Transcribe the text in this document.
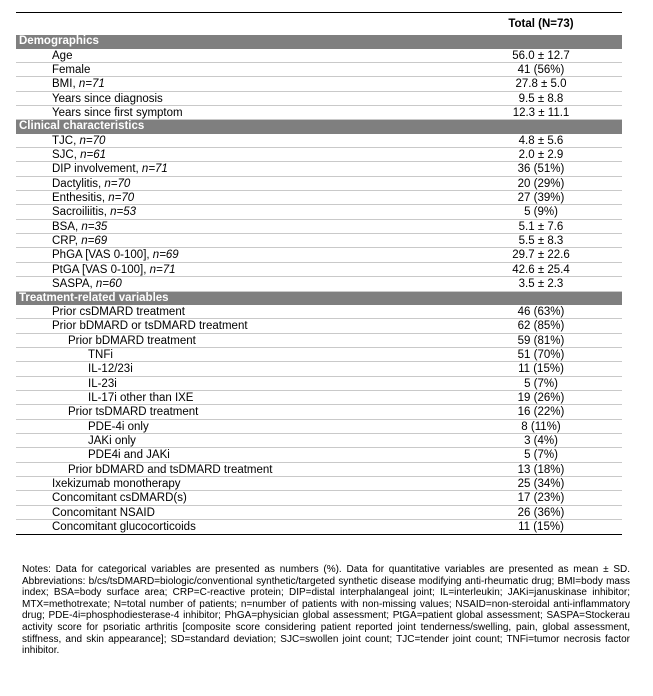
Total (N=73)
Demographics
Age	56.0 ± 12.7
Female	41 (56%)
BMI, n=71	27.8 ± 5.0
Years since diagnosis	9.5 ± 8.8
Years since first symptom	12.3 ± 11.1
Clinical characteristics
TJC, n=70	4.8 ± 5.6
SJC, n=61	2.0 ± 2.9
DIP involvement, n=71	36 (51%)
Dactylitis, n=70	20 (29%)
Enthesitis, n=70	27 (39%)
Sacroiliitis, n=53	5 (9%)
BSA, n=35	5.1 ± 7.6
CRP, n=69	5.5 ± 8.3
PhGA [VAS 0-100], n=69	29.7 ± 22.6
PtGA [VAS 0-100], n=71	42.6 ± 25.4
SASPA, n=60	3.5 ± 2.3
Treatment-related variables
Prior csDMARD treatment	46 (63%)
Prior bDMARD or tsDMARD treatment	62 (85%)
Prior bDMARD treatment	59 (81%)
TNFi	51 (70%)
IL-12/23i	11 (15%)
IL-23i	5 (7%)
IL-17i other than IXE	19 (26%)
Prior tsDMARD treatment	16 (22%)
PDE-4i only	8 (11%)
JAKi only	3 (4%)
PDE4i and JAKi	5 (7%)
Prior bDMARD and tsDMARD treatment	13 (18%)
Ixekizumab monotherapy	25 (34%)
Concomitant csDMARD(s)	17 (23%)
Concomitant NSAID	26 (36%)
Concomitant glucocorticoids	11 (15%)
Notes: Data for categorical variables are presented as numbers (%). Data for quantitative variables are presented as mean ± SD. Abbreviations: b/cs/tsDMARD=biologic/conventional synthetic/targeted synthetic disease modifying anti-rheumatic drug; BMI=body mass index; BSA=body surface area; CRP=C-reactive protein; DIP=distal interphalangeal joint; IL=interleukin; JAKi=januskinase inhibitor; MTX=methotrexate; N=total number of patients; n=number of patients with non-missing values; NSAID=non-steroidal anti-inflammatory drug; PDE-4i=phosphodiesterase-4 inhibitor; PhGA=physician global assessment; PtGA=patient global assessment; SASPA=Stockerau activity score for psoriatic arthritis [composite score considering patient reported joint tenderness/swelling, pain, global assessment, stiffness, and skin appearance]; SD=standard deviation; SJC=swollen joint count; TJC=tender joint count; TNFi=tumor necrosis factor inhibitor.
